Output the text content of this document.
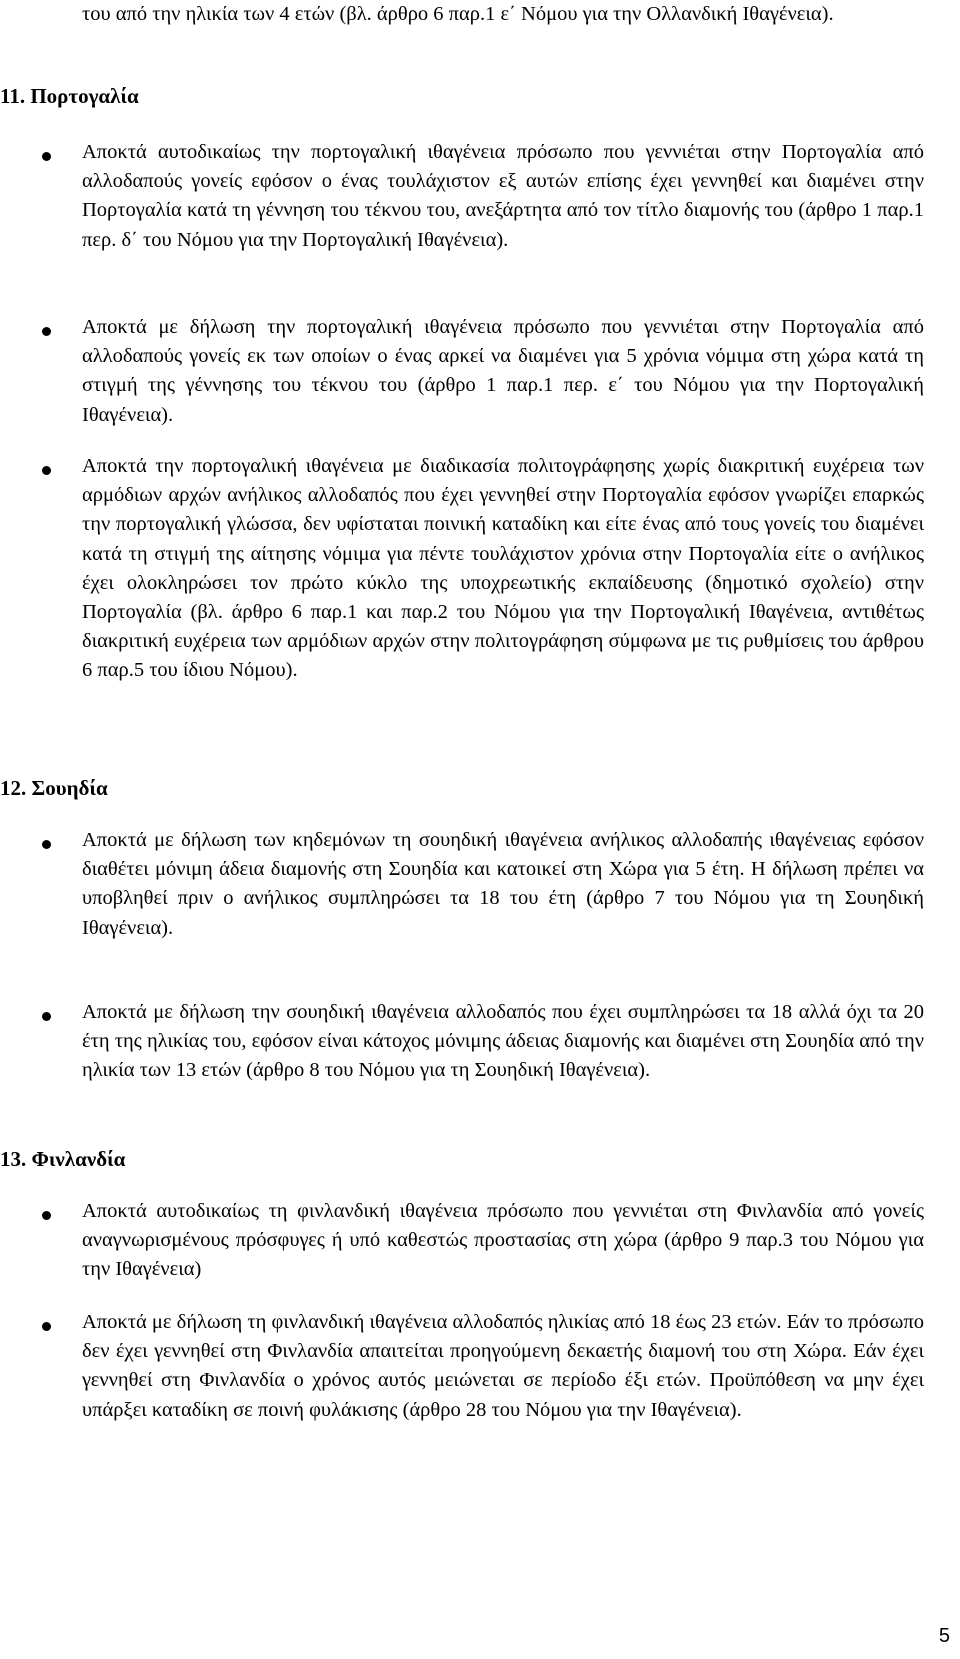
του από την ηλικία των 4 ετών (βλ. άρθρο 6 παρ.1 ε΄ Νόμου για την Ολλανδική Ιθαγένεια).

11. Πορτογαλία

Αποκτά αυτοδικαίως την πορτογαλική ιθαγένεια πρόσωπο που γεννιέται στην Πορτογαλία από αλλοδαπούς γονείς εφόσον ο ένας τουλάχιστον εξ αυτών επίσης έχει γεννηθεί και διαμένει στην Πορτογαλία κατά τη γέννηση του τέκνου του, ανεξάρτητα από τον τίτλο διαμονής του (άρθρο 1 παρ.1 περ. δ΄ του Νόμου για την Πορτογαλική Ιθαγένεια).

Αποκτά με δήλωση την πορτογαλική ιθαγένεια πρόσωπο που γεννιέται στην Πορτογαλία από αλλοδαπούς γονείς εκ των οποίων ο ένας αρκεί να διαμένει για 5 χρόνια νόμιμα στη χώρα κατά τη στιγμή της γέννησης του τέκνου του (άρθρο 1 παρ.1 περ. ε΄ του Νόμου για την Πορτογαλική Ιθαγένεια).

Αποκτά την πορτογαλική ιθαγένεια με διαδικασία πολιτογράφησης χωρίς διακριτική ευχέρεια των αρμόδιων αρχών ανήλικος αλλοδαπός που έχει γεννηθεί στην Πορτογαλία εφόσον γνωρίζει επαρκώς την πορτογαλική γλώσσα, δεν υφίσταται ποινική καταδίκη και είτε ένας από τους γονείς του διαμένει κατά τη στιγμή της αίτησης νόμιμα για πέντε τουλάχιστον χρόνια στην Πορτογαλία είτε ο ανήλικος έχει ολοκληρώσει τον πρώτο κύκλο της υποχρεωτικής εκπαίδευσης (δημοτικό σχολείο) στην Πορτογαλία (βλ. άρθρο 6 παρ.1 και παρ.2 του Νόμου για την Πορτογαλική Ιθαγένεια, αντιθέτως διακριτική ευχέρεια των αρμόδιων αρχών στην πολιτογράφηση σύμφωνα με τις ρυθμίσεις του άρθρου 6 παρ.5 του ίδιου Νόμου).

12. Σουηδία

Αποκτά με δήλωση των κηδεμόνων τη σουηδική ιθαγένεια ανήλικος αλλοδαπής ιθαγένειας εφόσον διαθέτει μόνιμη άδεια διαμονής στη Σουηδία και κατοικεί στη Χώρα για 5 έτη. Η δήλωση πρέπει να υποβληθεί πριν ο ανήλικος συμπληρώσει τα 18 του έτη (άρθρο 7 του Νόμου για τη Σουηδική Ιθαγένεια).

Αποκτά με δήλωση την σουηδική ιθαγένεια αλλοδαπός που έχει συμπληρώσει τα 18 αλλά όχι τα 20 έτη της ηλικίας του, εφόσον είναι κάτοχος μόνιμης άδειας διαμονής και διαμένει στη Σουηδία από την ηλικία των 13 ετών (άρθρο 8 του Νόμου για τη Σουηδική Ιθαγένεια).

13. Φινλανδία

Αποκτά αυτοδικαίως τη φινλανδική ιθαγένεια πρόσωπο που γεννιέται στη Φινλανδία από γονείς αναγνωρισμένους πρόσφυγες ή υπό καθεστώς προστασίας στη χώρα (άρθρο 9 παρ.3 του Νόμου για την Ιθαγένεια)

Αποκτά με δήλωση τη φινλανδική ιθαγένεια αλλοδαπός ηλικίας από 18 έως 23 ετών. Εάν το πρόσωπο δεν έχει γεννηθεί στη Φινλανδία απαιτείται προηγούμενη δεκαετής διαμονή του στη Χώρα. Εάν έχει γεννηθεί στη Φινλανδία ο χρόνος αυτός μειώνεται σε περίοδο έξι ετών. Προϋπόθεση να μην έχει υπάρξει καταδίκη σε ποινή φυλάκισης (άρθρο 28 του Νόμου για την Ιθαγένεια).

5
